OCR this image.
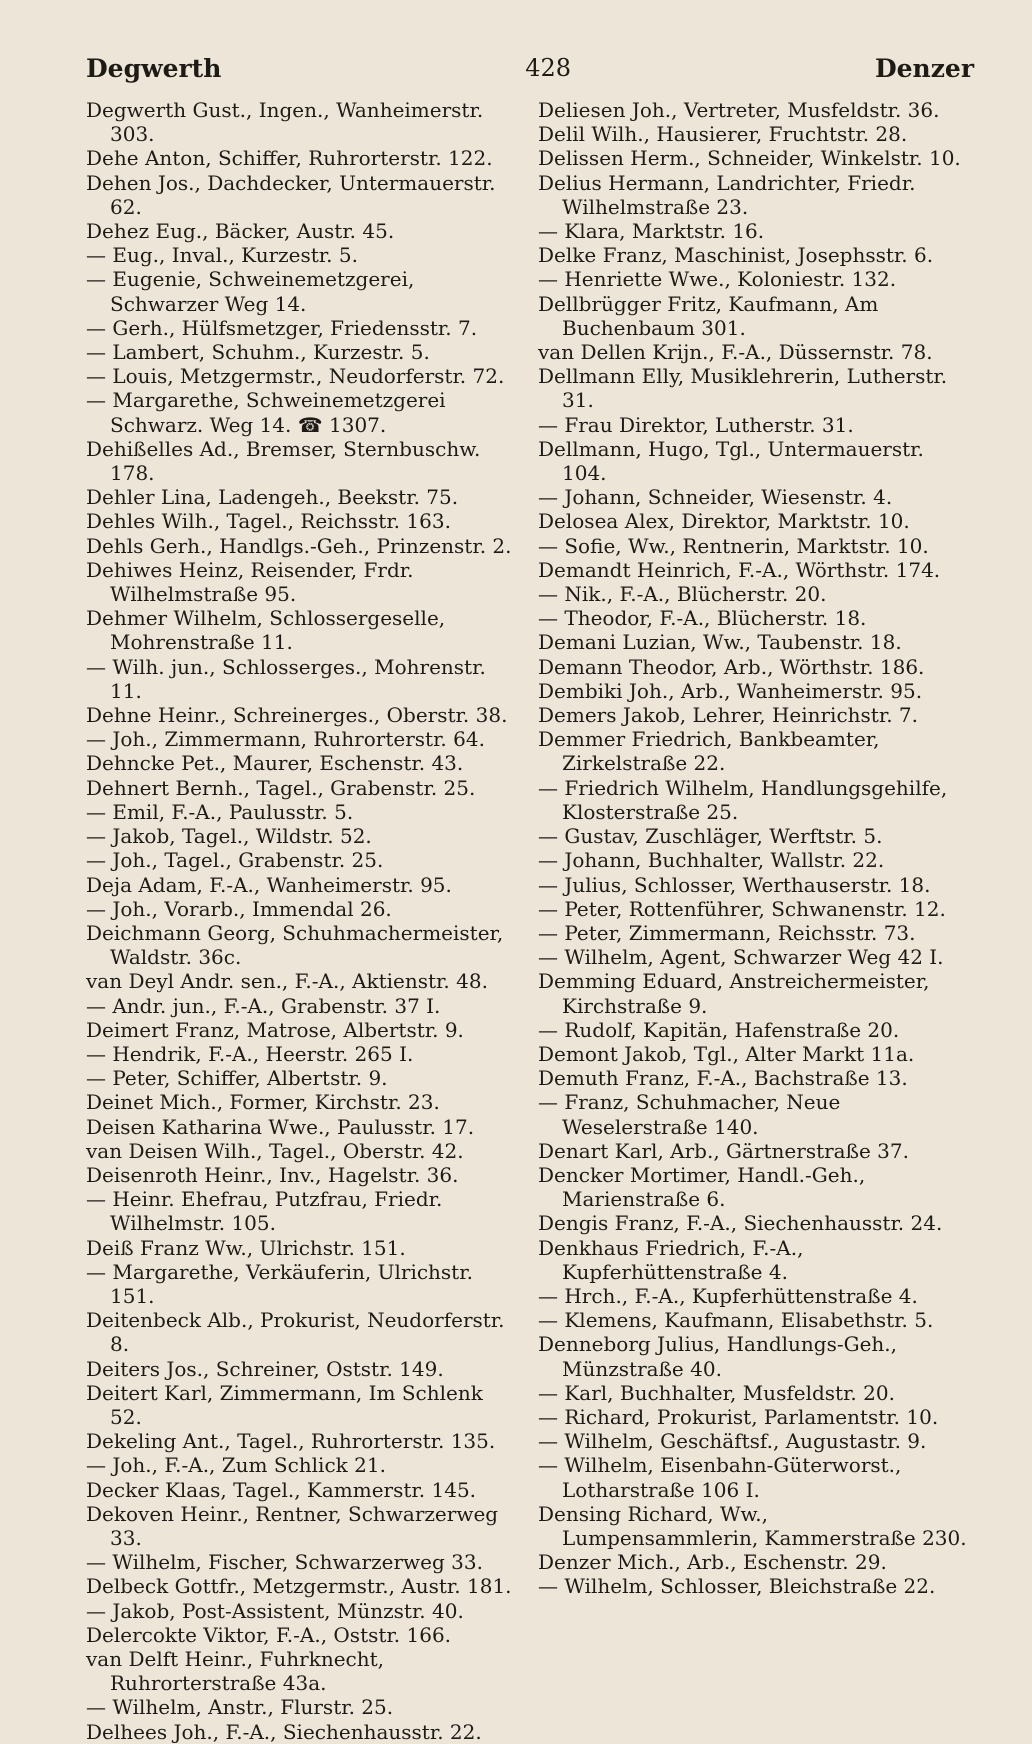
Degwerth	428	Denzer

Degwerth Gust., Ingen., Wanheimerstr. 303.

Dehe Anton, Schiffer, Ruhrorterstr. 122.

Dehen Jos., Dachdecker, Untermauerstr. 62.

Dehez Eug., Bäcker, Austr. 45.

— Eug., Inval., Kurzestr. 5.

— Eugenie, Schweinemetzgerei, Schwarzer Weg 14.

— Gerh., Hülfsmetzger, Friedensstr. 7.

— Lambert, Schuhm., Kurzestr. 5.

— Louis, Metzgermstr., Neudorferstr. 72.

— Margarethe, Schweinemetzgerei Schwarz. Weg 14. ☎ 1307.

Dehißelles Ad., Bremser, Sternbuschw. 178.

Dehler Lina, Ladengeh., Beekstr. 75.

Dehles Wilh., Tagel., Reichsstr. 163.

Dehls Gerh., Handlgs.-Geh., Prinzenstr. 2.

Dehiwes Heinz, Reisender, Frdr. Wilhelmstraße 95.

Dehmer Wilhelm, Schlossergeselle, Mohrenstraße 11.

— Wilh. jun., Schlosserges., Mohrenstr. 11.

Dehne Heinr., Schreinerges., Oberstr. 38.

— Joh., Zimmermann, Ruhrorterstr. 64.

Dehncke Pet., Maurer, Eschenstr. 43.

Dehnert Bernh., Tagel., Grabenstr. 25.

— Emil, F.-A., Paulusstr. 5.

— Jakob, Tagel., Wildstr. 52.

— Joh., Tagel., Grabenstr. 25.

Deja Adam, F.-A., Wanheimerstr. 95.

— Joh., Vorarb., Immendal 26.

Deichmann Georg, Schuhmachermeister, Waldstr. 36c.

van Deyl Andr. sen., F.-A., Aktienstr. 48.

— Andr. jun., F.-A., Grabenstr. 37 I.

Deimert Franz, Matrose, Albertstr. 9.

— Hendrik, F.-A., Heerstr. 265 I.

— Peter, Schiffer, Albertstr. 9.

Deinet Mich., Former, Kirchstr. 23.

Deisen Katharina Wwe., Paulusstr. 17.

van Deisen Wilh., Tagel., Oberstr. 42.

Deisenroth Heinr., Inv., Hagelstr. 36.

— Heinr. Ehefrau, Putzfrau, Friedr. Wilhelmstr. 105.

Deiß Franz Ww., Ulrichstr. 151.

— Margarethe, Verkäuferin, Ulrichstr. 151.

Deitenbeck Alb., Prokurist, Neudorferstr. 8.

Deiters Jos., Schreiner, Oststr. 149.

Deitert Karl, Zimmermann, Im Schlenk 52.

Dekeling Ant., Tagel., Ruhrorterstr. 135.

— Joh., F.-A., Zum Schlick 21.

Decker Klaas, Tagel., Kammerstr. 145.

Dekoven Heinr., Rentner, Schwarzerweg 33.

— Wilhelm, Fischer, Schwarzerweg 33.

Delbeck Gottfr., Metzgermstr., Austr. 181.

— Jakob, Post-Assistent, Münzstr. 40.

Delercokte Viktor, F.-A., Oststr. 166.

van Delft Heinr., Fuhrknecht, Ruhrorterstraße 43a.

— Wilhelm, Anstr., Flurstr. 25.

Delhees Joh., F.-A., Siechenhausstr. 22.

Deliesen Joh., Vertreter, Musfeldstr. 36.

Delil Wilh., Hausierer, Fruchtstr. 28.

Delissen Herm., Schneider, Winkelstr. 10.

Delius Hermann, Landrichter, Friedr. Wilhelmstraße 23.

— Klara, Marktstr. 16.

Delke Franz, Maschinist, Josephsstr. 6.

— Henriette Wwe., Koloniestr. 132.

Dellbrügger Fritz, Kaufmann, Am Buchenbaum 301.

van Dellen Krijn., F.-A., Düssernstr. 78.

Dellmann Elly, Musiklehrerin, Lutherstr. 31.

— Frau Direktor, Lutherstr. 31.

Dellmann, Hugo, Tgl., Untermauerstr. 104.

— Johann, Schneider, Wiesenstr. 4.

Delosea Alex, Direktor, Marktstr. 10.

— Sofie, Ww., Rentnerin, Marktstr. 10.

Demandt Heinrich, F.-A., Wörthstr. 174.

— Nik., F.-A., Blücherstr. 20.

— Theodor, F.-A., Blücherstr. 18.

Demani Luzian, Ww., Taubenstr. 18.

Demann Theodor, Arb., Wörthstr. 186.

Dembiki Joh., Arb., Wanheimerstr. 95.

Demers Jakob, Lehrer, Heinrichstr. 7.

Demmer Friedrich, Bankbeamter, Zirkelstraße 22.

— Friedrich Wilhelm, Handlungsgehilfe, Klosterstraße 25.

— Gustav, Zuschläger, Werftstr. 5.

— Johann, Buchhalter, Wallstr. 22.

— Julius, Schlosser, Werthauserstr. 18.

— Peter, Rottenführer, Schwanenstr. 12.

— Peter, Zimmermann, Reichsstr. 73.

— Wilhelm, Agent, Schwarzer Weg 42 I.

Demming Eduard, Anstreichermeister, Kirchstraße 9.

— Rudolf, Kapitän, Hafenstraße 20.

Demont Jakob, Tgl., Alter Markt 11a.

Demuth Franz, F.-A., Bachstraße 13.

— Franz, Schuhmacher, Neue Weselerstraße 140.

Denart Karl, Arb., Gärtnerstraße 37.

Dencker Mortimer, Handl.-Geh., Marienstraße 6.

Dengis Franz, F.-A., Siechenhausstr. 24.

Denkhaus Friedrich, F.-A., Kupferhüttenstraße 4.

— Hrch., F.-A., Kupferhüttenstraße 4.

— Klemens, Kaufmann, Elisabethstr. 5.

Denneborg Julius, Handlungs-Geh., Münzstraße 40.

— Karl, Buchhalter, Musfeldstr. 20.

— Richard, Prokurist, Parlamentstr. 10.

— Wilhelm, Geschäftsf., Augustastr. 9.

— Wilhelm, Eisenbahn-Güterworst., Lotharstraße 106 I.

Densing Richard, Ww., Lumpensammlerin, Kammerstraße 230.

Denzer Mich., Arb., Eschenstr. 29.

— Wilhelm, Schlosser, Bleichstraße 22.
